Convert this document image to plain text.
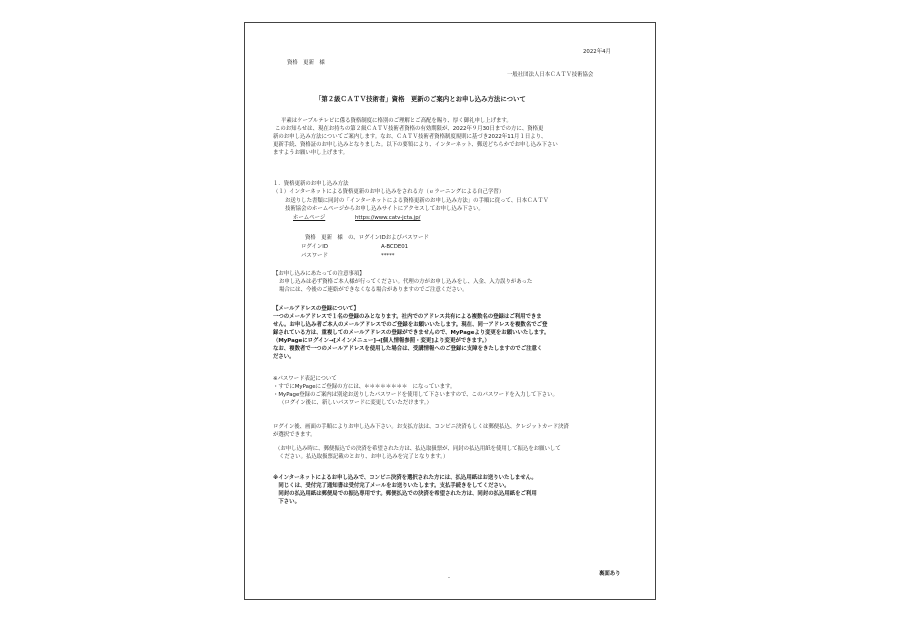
2022年4月
資格　更新　様
一般社団法人日本ＣＡＴＶ技術協会
「第２級ＣＡＴＶ技術者」資格　更新のご案内とお申し込み方法について
平素はケーブルテレビに係る資格制度に格別のご理解とご高配を賜り、厚く御礼申し上げます。
このお知らせは、現在お持ちの第２級ＣＡＴＶ技術者資格の有効期限が、2022年９月30日までの方に、資格更
新のお申し込み方法についてご案内します。なお、ＣＡＴＶ技術者資格制度規則に基づき2022年11月１日より、
更新手続、資格証のお申し込みとなりました。以下の要領により、インターネット、郵送どちらかでお申し込み下さい
ますようお願い申し上げます。
１．資格更新のお申し込み方法
（１）インターネットによる資格更新のお申し込みをされる方（ｅラーニングによる自己学習）
お送りした書類に同封の「インターネットによる資格更新のお申し込み方法」の手順に従って、日本ＣＡＴＶ
技術協会のホームページからお申し込みサイトにアクセスしてお申し込み下さい。
ホームページ	https://www.catv-jcta.jp/
資格　更新　様　の、ログインIDおよびパスワード
ログインID	A-BCDE01
パスワード	*****
【お申し込みにあたっての注意事項】
お申し込みは必ず資格ご本人様が行ってください。代理の方がお申し込みをし、入金、入力誤りがあった
場合には、今後のご連絡ができなくなる場合がありますのでご注意ください。
【メールアドレスの登録について】
一つのメールアドレスで１名の登録のみとなります。社内でのアドレス共有による複数名の登録はご利用できま
せん。お申し込み者ご本人のメールアドレスでのご登録をお願いいたします。現在、同一アドレスを複数名でご登
録されている方は、重複してのメールアドレスの登録ができませんので、MyPageより変更をお願いいたします。
（MyPageにログイン→[メインメニュー]→[個人情報参照・変更]より変更ができます。）
なお、複数者で一つのメールアドレスを使用した場合は、受講情報へのご登録に支障をきたしますのでご注意く
ださい。
※パスワード表記について
・すでにMyPageにご登録の方には、＊＊＊＊＊＊＊＊　になっています。
・MyPage登録のご案内は別途お送りしたパスワードを使用して下さいますので、このパスワードを入力して下さい。
（ログイン後に、新しいパスワードに変更していただけます。）
ログイン後、画面の手順によりお申し込み下さい。お支払方法は、コンビニ決済もしくは郵便払込、クレジットカード決済
が選択できます。
（お申し込み時に、郵便振込での決済を希望された方は、払込取扱票が、同封の払込用紙を使用して振込をお願いして
ください。払込取扱票記載のとおり、お申し込みを完了となります。）
※インターネットによるお申し込みで、コンビニ決済を選択された方には、払込用紙はお送りいたしません。
　同じくは、受付完了通知書は受付完了メールをお送りいたします。支払手続きをしてください。
　同封の払込用紙は郵便局での振込専用です。郵便払込での決済を希望された方は、同封の払込用紙をご利用
　下さい。
-
裏面あり
